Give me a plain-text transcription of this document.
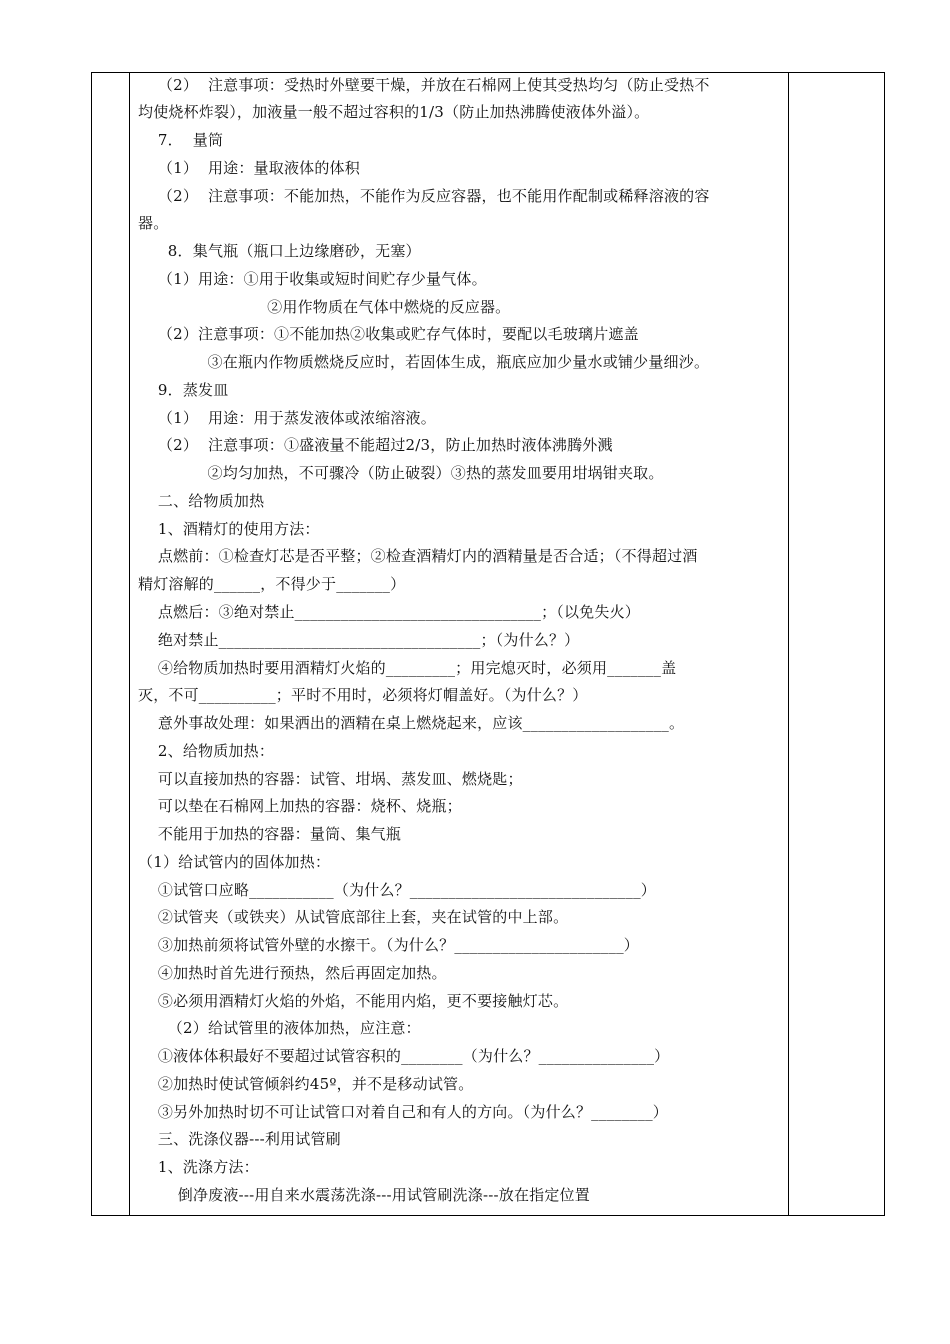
（2）  注意事项：受热时外壁要干燥，并放在石棉网上使其受热均匀（防止受热不
均使烧杯炸裂），加液量一般不超过容积的1/3（防止加热沸腾使液体外溢）。
7．  量筒
（1）  用途：量取液体的体积
（2）  注意事项：不能加热，不能作为反应容器，也不能用作配制或稀释溶液的容
器。
8．集气瓶（瓶口上边缘磨砂，无塞）
（1）用途：①用于收集或短时间贮存少量气体。
②用作物质在气体中燃烧的反应器。
（2）注意事项：①不能加热②收集或贮存气体时，要配以毛玻璃片遮盖
③在瓶内作物质燃烧反应时，若固体生成，瓶底应加少量水或铺少量细沙。
9．蒸发皿
（1）  用途：用于蒸发液体或浓缩溶液。
（2）  注意事项：①盛液量不能超过2/3，防止加热时液体沸腾外溅
②均匀加热，不可骤冷（防止破裂）③热的蒸发皿要用坩埚钳夹取。
二、给物质加热
1、酒精灯的使用方法：
点燃前：①检查灯芯是否平整；②检查酒精灯内的酒精量是否合适；（不得超过酒
精灯溶解的______，不得少于_______）
点燃后：③绝对禁止________________________________；（以免失火）
绝对禁止__________________________________；（为什么？）
④给物质加热时要用酒精灯火焰的_________；用完熄灭时，必须用_______盖
灭，不可__________；平时不用时，必须将灯帽盖好。（为什么？）
意外事故处理：如果洒出的酒精在桌上燃烧起来，应该___________________。
2、给物质加热：
可以直接加热的容器：试管、坩埚、蒸发皿、燃烧匙；
可以垫在石棉网上加热的容器：烧杯、烧瓶；
不能用于加热的容器：量筒、集气瓶
（1）给试管内的固体加热：
①试管口应略___________（为什么？______________________________）
②试管夹（或铁夹）从试管底部往上套，夹在试管的中上部。
③加热前须将试管外壁的水擦干。（为什么？______________________）
④加热时首先进行预热，然后再固定加热。
⑤必须用酒精灯火焰的外焰，不能用内焰，更不要接触灯芯。
（2）给试管里的液体加热，应注意：
①液体体积最好不要超过试管容积的________（为什么？_______________）
②加热时使试管倾斜约45º，并不是移动试管。
③另外加热时切不可让试管口对着自己和有人的方向。（为什么？________）
三、洗涤仪器---利用试管刷
1、洗涤方法：
倒净废液---用自来水震荡洗涤---用试管刷洗涤---放在指定位置
